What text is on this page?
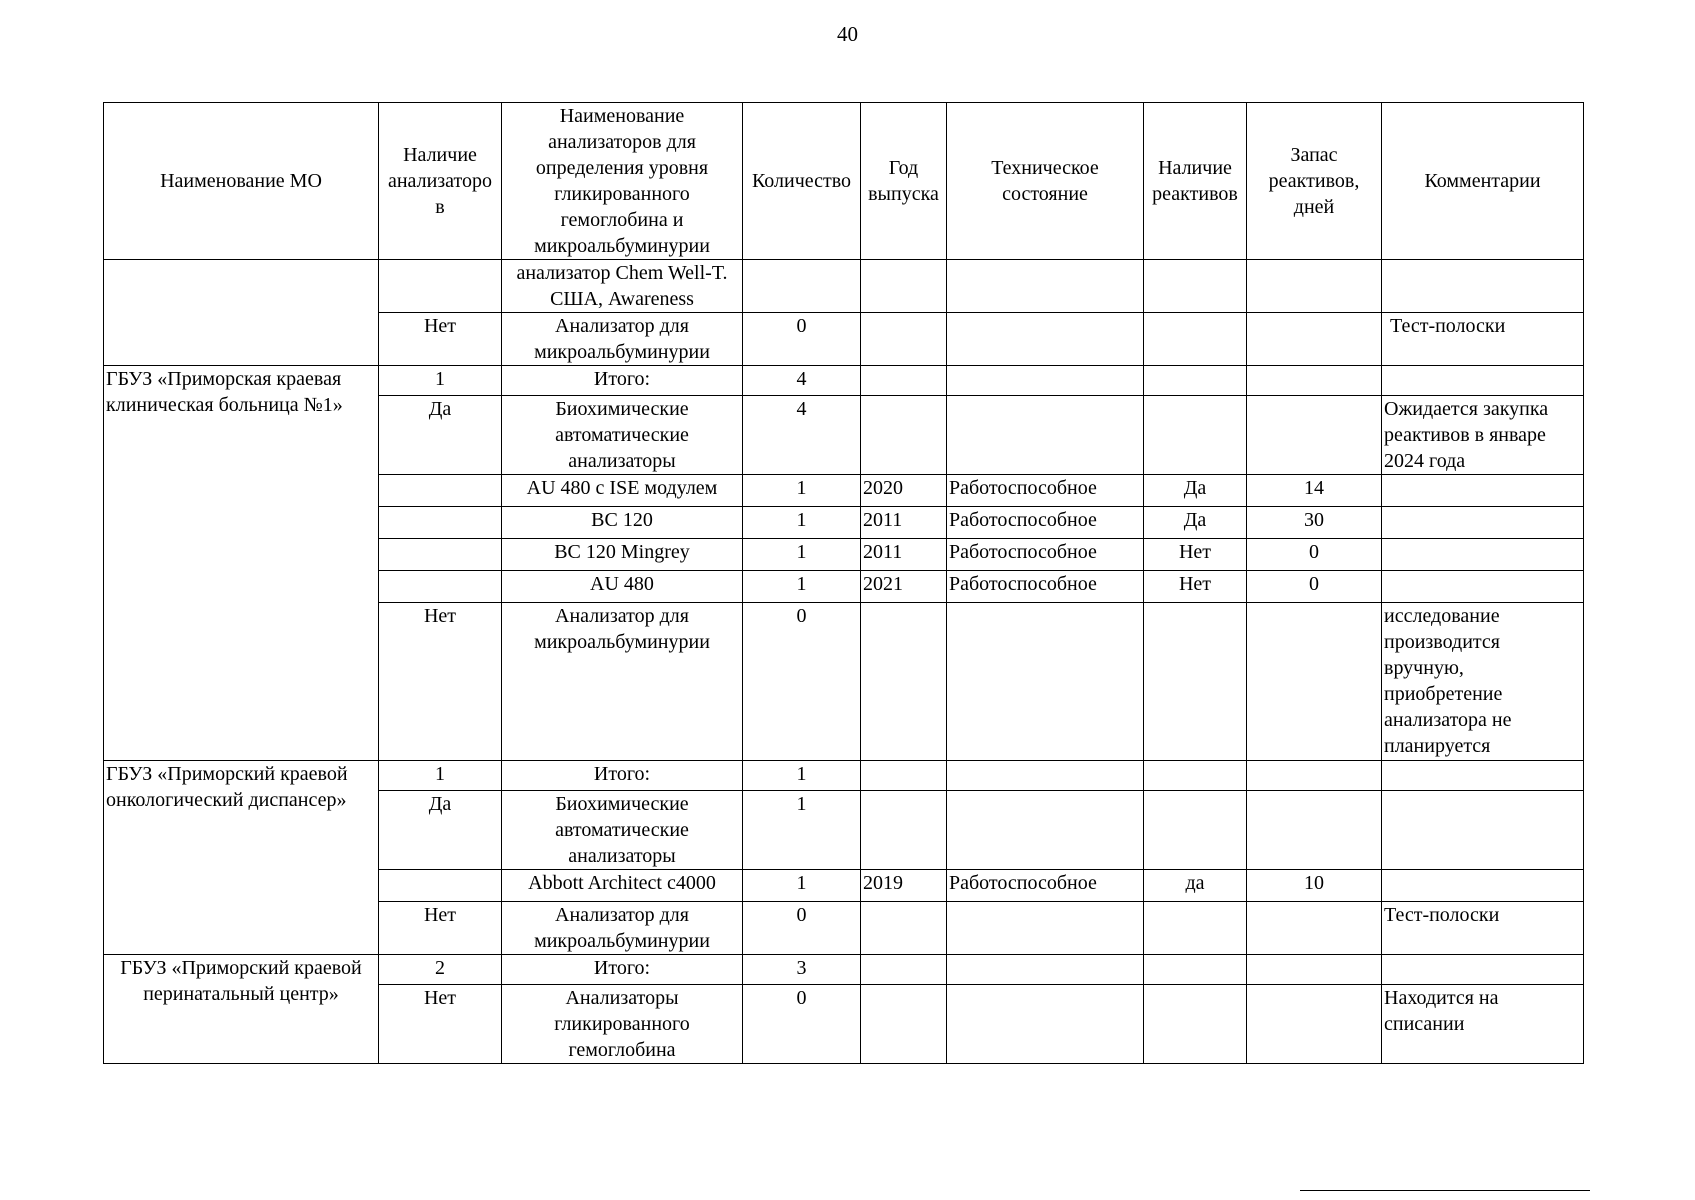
40
Наименование МО	Наличие анализаторо в	Наименование анализаторов для определения уровня гликированного гемоглобина и микроальбуминурии	Количество	Год выпуска	Техническое состояние	Наличие реактивов	Запас реактивов, дней	Комментарии
		анализатор Chem Well-T. США, Awareness						
	Нет	Анализатор для микроальбуминурии	0					Тест-полоски
ГБУЗ «Приморская краевая клиническая больница №1»	1	Итого:	4					
	Да	Биохимические автоматические анализаторы	4					Ожидается закупка реактивов в январе 2024 года
		AU 480 с ISE модулем	1	2020	Работоспособное	Да	14	
		BC 120	1	2011	Работоспособное	Да	30	
		BC 120 Mingrey	1	2011	Работоспособное	Нет	0	
		AU 480	1	2021	Работоспособное	Нет	0	
	Нет	Анализатор для микроальбуминурии	0					исследование производится вручную, приобретение анализатора не планируется
ГБУЗ «Приморский краевой онкологический диспансер»	1	Итого:	1					
	Да	Биохимические автоматические анализаторы	1					
		Abbott Architect c4000	1	2019	Работоспособное	да	10	
	Нет	Анализатор для микроальбуминурии	0					Тест-полоски
ГБУЗ «Приморский краевой перинатальный центр»	2	Итого:	3					
	Нет	Анализаторы гликированного гемоглобина	0					Находится на списании
